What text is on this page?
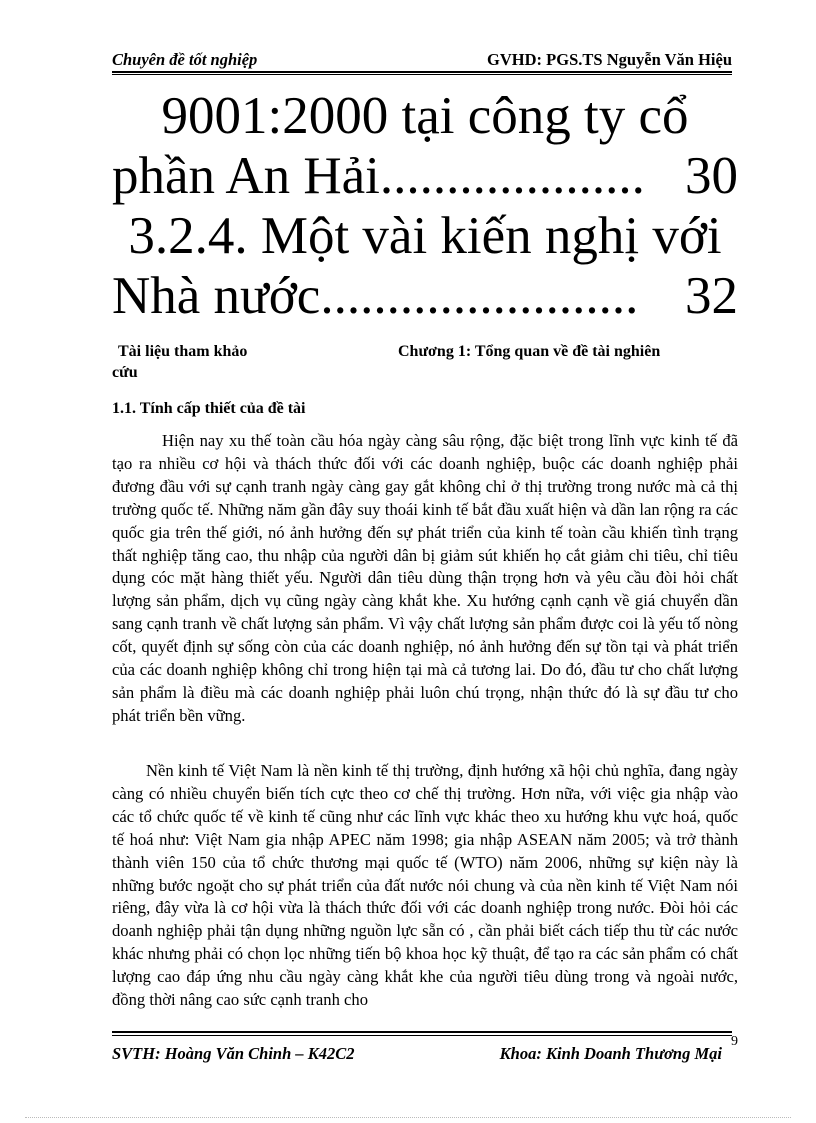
Chuyên đề tốt nghiệp	GVHD: PGS.TS Nguyễn Văn Hiệu
9001:2000 tại công ty cổ
phần An Hải .................... 30
3.2.4. Một vài kiến nghị với
Nhà nước ........................ 32
Tài liệu tham khảo
cứu
Chương 1: Tổng quan về đề tài nghiên
1.1. Tính cấp thiết của đề tài

Hiện nay xu thế toàn cầu hóa ngày càng sâu rộng, đặc biệt trong lĩnh vực kinh tế đã tạo ra nhiều cơ hội và thách thức đối với các doanh nghiệp, buộc các doanh nghiệp phải đương đầu với sự cạnh tranh ngày càng gay gắt không chỉ ở thị trường trong nước mà cả thị trường quốc tế. Những năm gần đây suy thoái kinh tế bắt đầu xuất hiện và dần lan rộng ra các quốc gia trên thế giới, nó ảnh hưởng đến sự phát triển của kinh tế toàn cầu khiến tình trạng thất nghiệp tăng cao, thu nhập của người dân bị giảm sút khiến họ cắt giảm chi tiêu, chỉ tiêu dụng cóc mặt hàng thiết yếu. Người dân tiêu dùng thận trọng hơn và yêu cầu đòi hỏi chất lượng sản phẩm, dịch vụ cũng ngày càng khắt khe. Xu hướng cạnh cạnh về giá chuyển dần sang cạnh tranh về chất lượng sản phẩm. Vì vậy chất lượng sản phẩm được coi là yếu tố nòng cốt, quyết định sự sống còn của các doanh nghiệp, nó ảnh hưởng đến sự tồn tại và phát triển của các doanh nghiệp không chỉ trong hiện tại mà cả tương lai. Do đó, đầu tư cho chất lượng sản phẩm là điều mà các doanh nghiệp phải luôn chú trọng, nhận thức đó là sự đầu tư cho phát triển bền vững.

Nền kinh tế Việt Nam là nền kinh tế thị trường, định hướng xã hội chủ nghĩa, đang ngày càng có nhiều chuyển biến tích cực theo cơ chế thị trường. Hơn nữa, với việc gia nhập vào các tổ chức quốc tế về kinh tế cũng như các lĩnh vực khác theo xu hướng khu vực hoá, quốc tế hoá như: Việt Nam gia nhập APEC năm 1998; gia nhập ASEAN năm 2005; và trở thành thành viên 150 của tổ chức thương mại quốc tế (WTO) năm 2006, những sự kiện này là những bước ngoặt cho sự phát triển của đất nước nói chung và của nền kinh tế Việt Nam nói riêng, đây vừa là cơ hội vừa là thách thức đối với các doanh nghiệp trong nước. Đòi hỏi các doanh nghiệp phải tận dụng những nguồn lực sẵn có , cần phải biết cách tiếp thu từ các nước khác nhưng phải có chọn lọc những tiến bộ khoa học kỹ thuật, để tạo ra các sản phẩm có chất lượng cao đáp ứng nhu cầu ngày càng khắt khe của người tiêu dùng trong và ngoài nước, đồng thời nâng cao sức cạnh tranh cho

SVTH: Hoàng Văn Chinh – K42C2	Khoa: Kinh Doanh Thương Mại
9
